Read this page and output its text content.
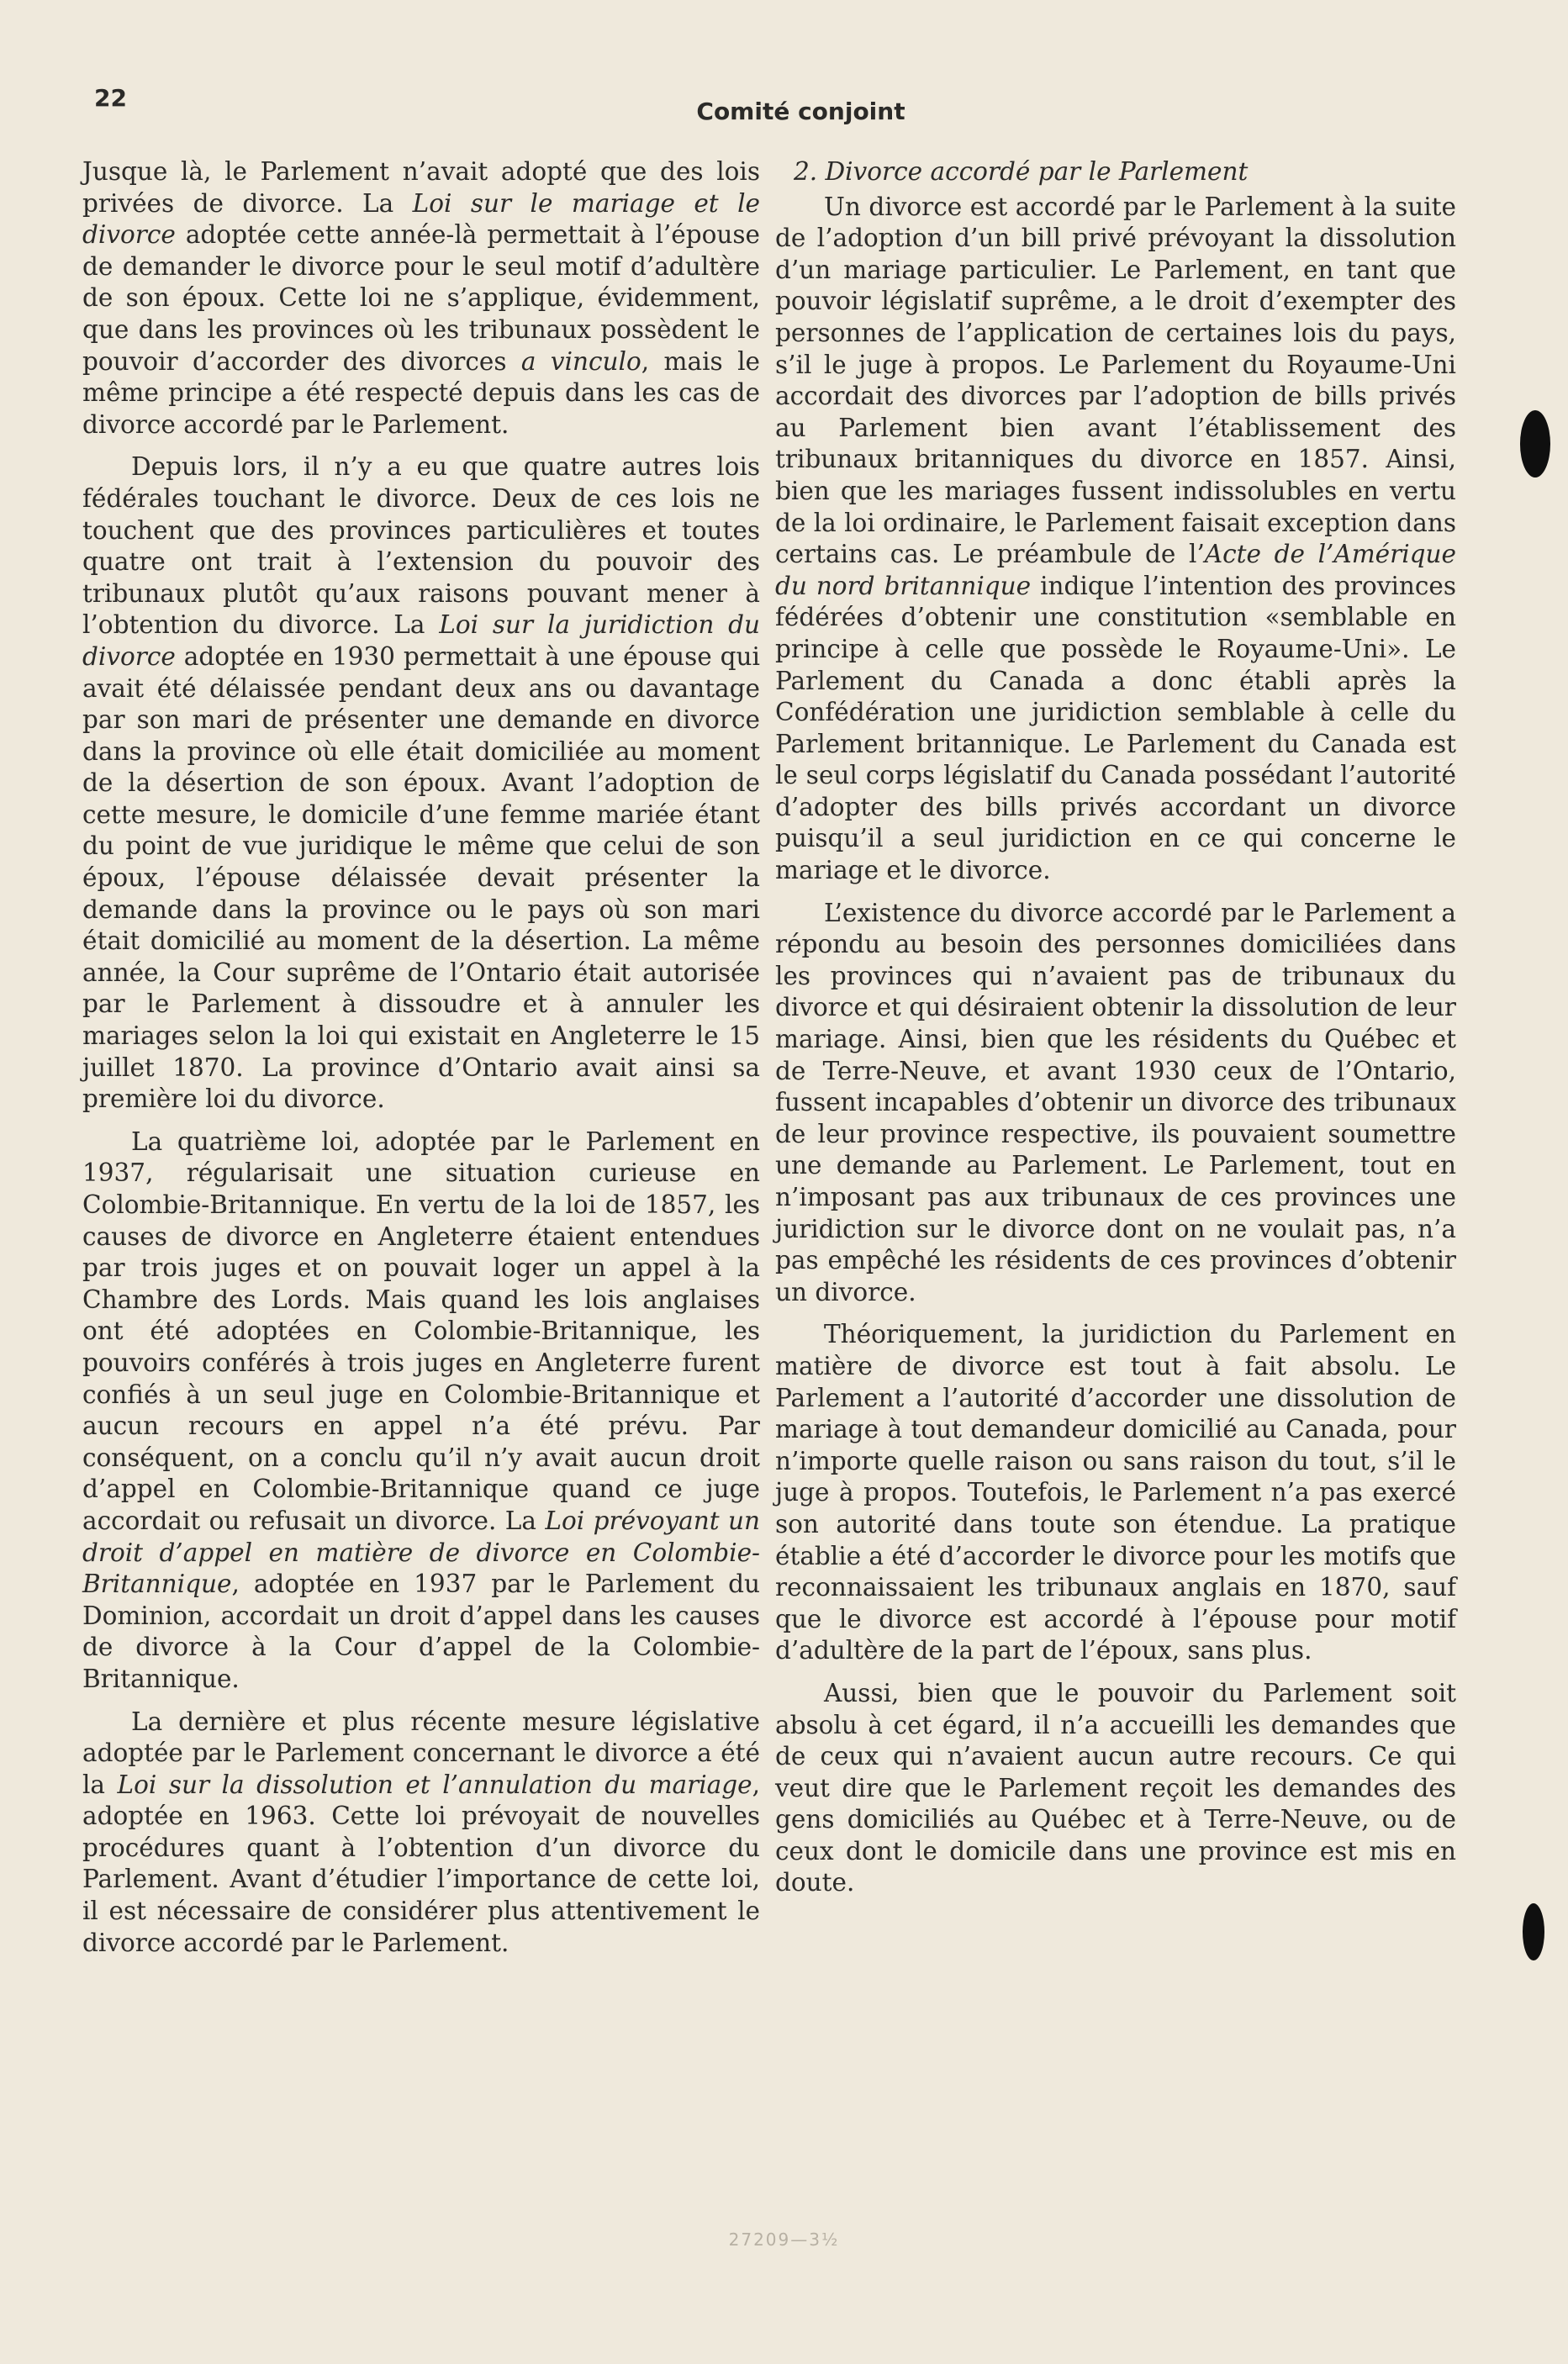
22	Comité conjoint

Jusque là, le Parlement n’avait adopté que des lois privées de divorce. La Loi sur le mariage et le divorce adoptée cette année-là permettait à l’épouse de demander le divorce pour le seul motif d’adultère de son époux. Cette loi ne s’applique, évidemment, que dans les provinces où les tribunaux possèdent le pouvoir d’accorder des divorces a vinculo, mais le même principe a été respecté depuis dans les cas de divorce accordé par le Parlement.

Depuis lors, il n’y a eu que quatre autres lois fédérales touchant le divorce. Deux de ces lois ne touchent que des provinces particulières et toutes quatre ont trait à l’extension du pouvoir des tribunaux plutôt qu’aux raisons pouvant mener à l’obtention du divorce. La Loi sur la juridiction du divorce adoptée en 1930 permettait à une épouse qui avait été délaissée pendant deux ans ou davantage par son mari de présenter une demande en divorce dans la province où elle était domiciliée au moment de la désertion de son époux. Avant l’adoption de cette mesure, le domicile d’une femme mariée étant du point de vue juridique le même que celui de son époux, l’épouse délaissée devait présenter la demande dans la province ou le pays où son mari était domicilié au moment de la désertion. La même année, la Cour suprême de l’Ontario était autorisée par le Parlement à dissoudre et à annuler les mariages selon la loi qui existait en Angleterre le 15 juillet 1870. La province d’Ontario avait ainsi sa première loi du divorce.

La quatrième loi, adoptée par le Parlement en 1937, régularisait une situation curieuse en Colombie-Britannique. En vertu de la loi de 1857, les causes de divorce en Angleterre étaient entendues par trois juges et on pouvait loger un appel à la Chambre des Lords. Mais quand les lois anglaises ont été adoptées en Colombie-Britannique, les pouvoirs conférés à trois juges en Angleterre furent confiés à un seul juge en Colombie-Britannique et aucun recours en appel n’a été prévu. Par conséquent, on a conclu qu’il n’y avait aucun droit d’appel en Colombie-Britannique quand ce juge accordait ou refusait un divorce. La Loi prévoyant un droit d’appel en matière de divorce en Colombie-Britannique, adoptée en 1937 par le Parlement du Dominion, accordait un droit d’appel dans les causes de divorce à la Cour d’appel de la Colombie-Britannique.

La dernière et plus récente mesure législative adoptée par le Parlement concernant le divorce a été la Loi sur la dissolution et l’annulation du mariage, adoptée en 1963. Cette loi prévoyait de nouvelles procédures quant à l’obtention d’un divorce du Parlement. Avant d’étudier l’importance de cette loi, il est nécessaire de considérer plus attentivement le divorce accordé par le Parlement.

2. Divorce accordé par le Parlement

Un divorce est accordé par le Parlement à la suite de l’adoption d’un bill privé prévoyant la dissolution d’un mariage particulier. Le Parlement, en tant que pouvoir législatif suprême, a le droit d’exempter des personnes de l’application de certaines lois du pays, s’il le juge à propos. Le Parlement du Royaume-Uni accordait des divorces par l’adoption de bills privés au Parlement bien avant l’établissement des tribunaux britanniques du divorce en 1857. Ainsi, bien que les mariages fussent indissolubles en vertu de la loi ordinaire, le Parlement faisait exception dans certains cas. Le préambule de l’Acte de l’Amérique du nord britannique indique l’intention des provinces fédérées d’obtenir une constitution «semblable en principe à celle que possède le Royaume-Uni». Le Parlement du Canada a donc établi après la Confédération une juridiction semblable à celle du Parlement britannique. Le Parlement du Canada est le seul corps législatif du Canada possédant l’autorité d’adopter des bills privés accordant un divorce puisqu’il a seul juridiction en ce qui concerne le mariage et le divorce.

L’existence du divorce accordé par le Parlement a répondu au besoin des personnes domiciliées dans les provinces qui n’avaient pas de tribunaux du divorce et qui désiraient obtenir la dissolution de leur mariage. Ainsi, bien que les résidents du Québec et de Terre-Neuve, et avant 1930 ceux de l’Ontario, fussent incapables d’obtenir un divorce des tribunaux de leur province respective, ils pouvaient soumettre une demande au Parlement. Le Parlement, tout en n’imposant pas aux tribunaux de ces provinces une juridiction sur le divorce dont on ne voulait pas, n’a pas empêché les résidents de ces provinces d’obtenir un divorce.

Théoriquement, la juridiction du Parlement en matière de divorce est tout à fait absolu. Le Parlement a l’autorité d’accorder une dissolution de mariage à tout demandeur domicilié au Canada, pour n’importe quelle raison ou sans raison du tout, s’il le juge à propos. Toutefois, le Parlement n’a pas exercé son autorité dans toute son étendue. La pratique établie a été d’accorder le divorce pour les motifs que reconnaissaient les tribunaux anglais en 1870, sauf que le divorce est accordé à l’épouse pour motif d’adultère de la part de l’époux, sans plus.

Aussi, bien que le pouvoir du Parlement soit absolu à cet égard, il n’a accueilli les demandes que de ceux qui n’avaient aucun autre recours. Ce qui veut dire que le Parlement reçoit les demandes des gens domiciliés au Québec et à Terre-Neuve, ou de ceux dont le domicile dans une province est mis en doute.

27209—3½
